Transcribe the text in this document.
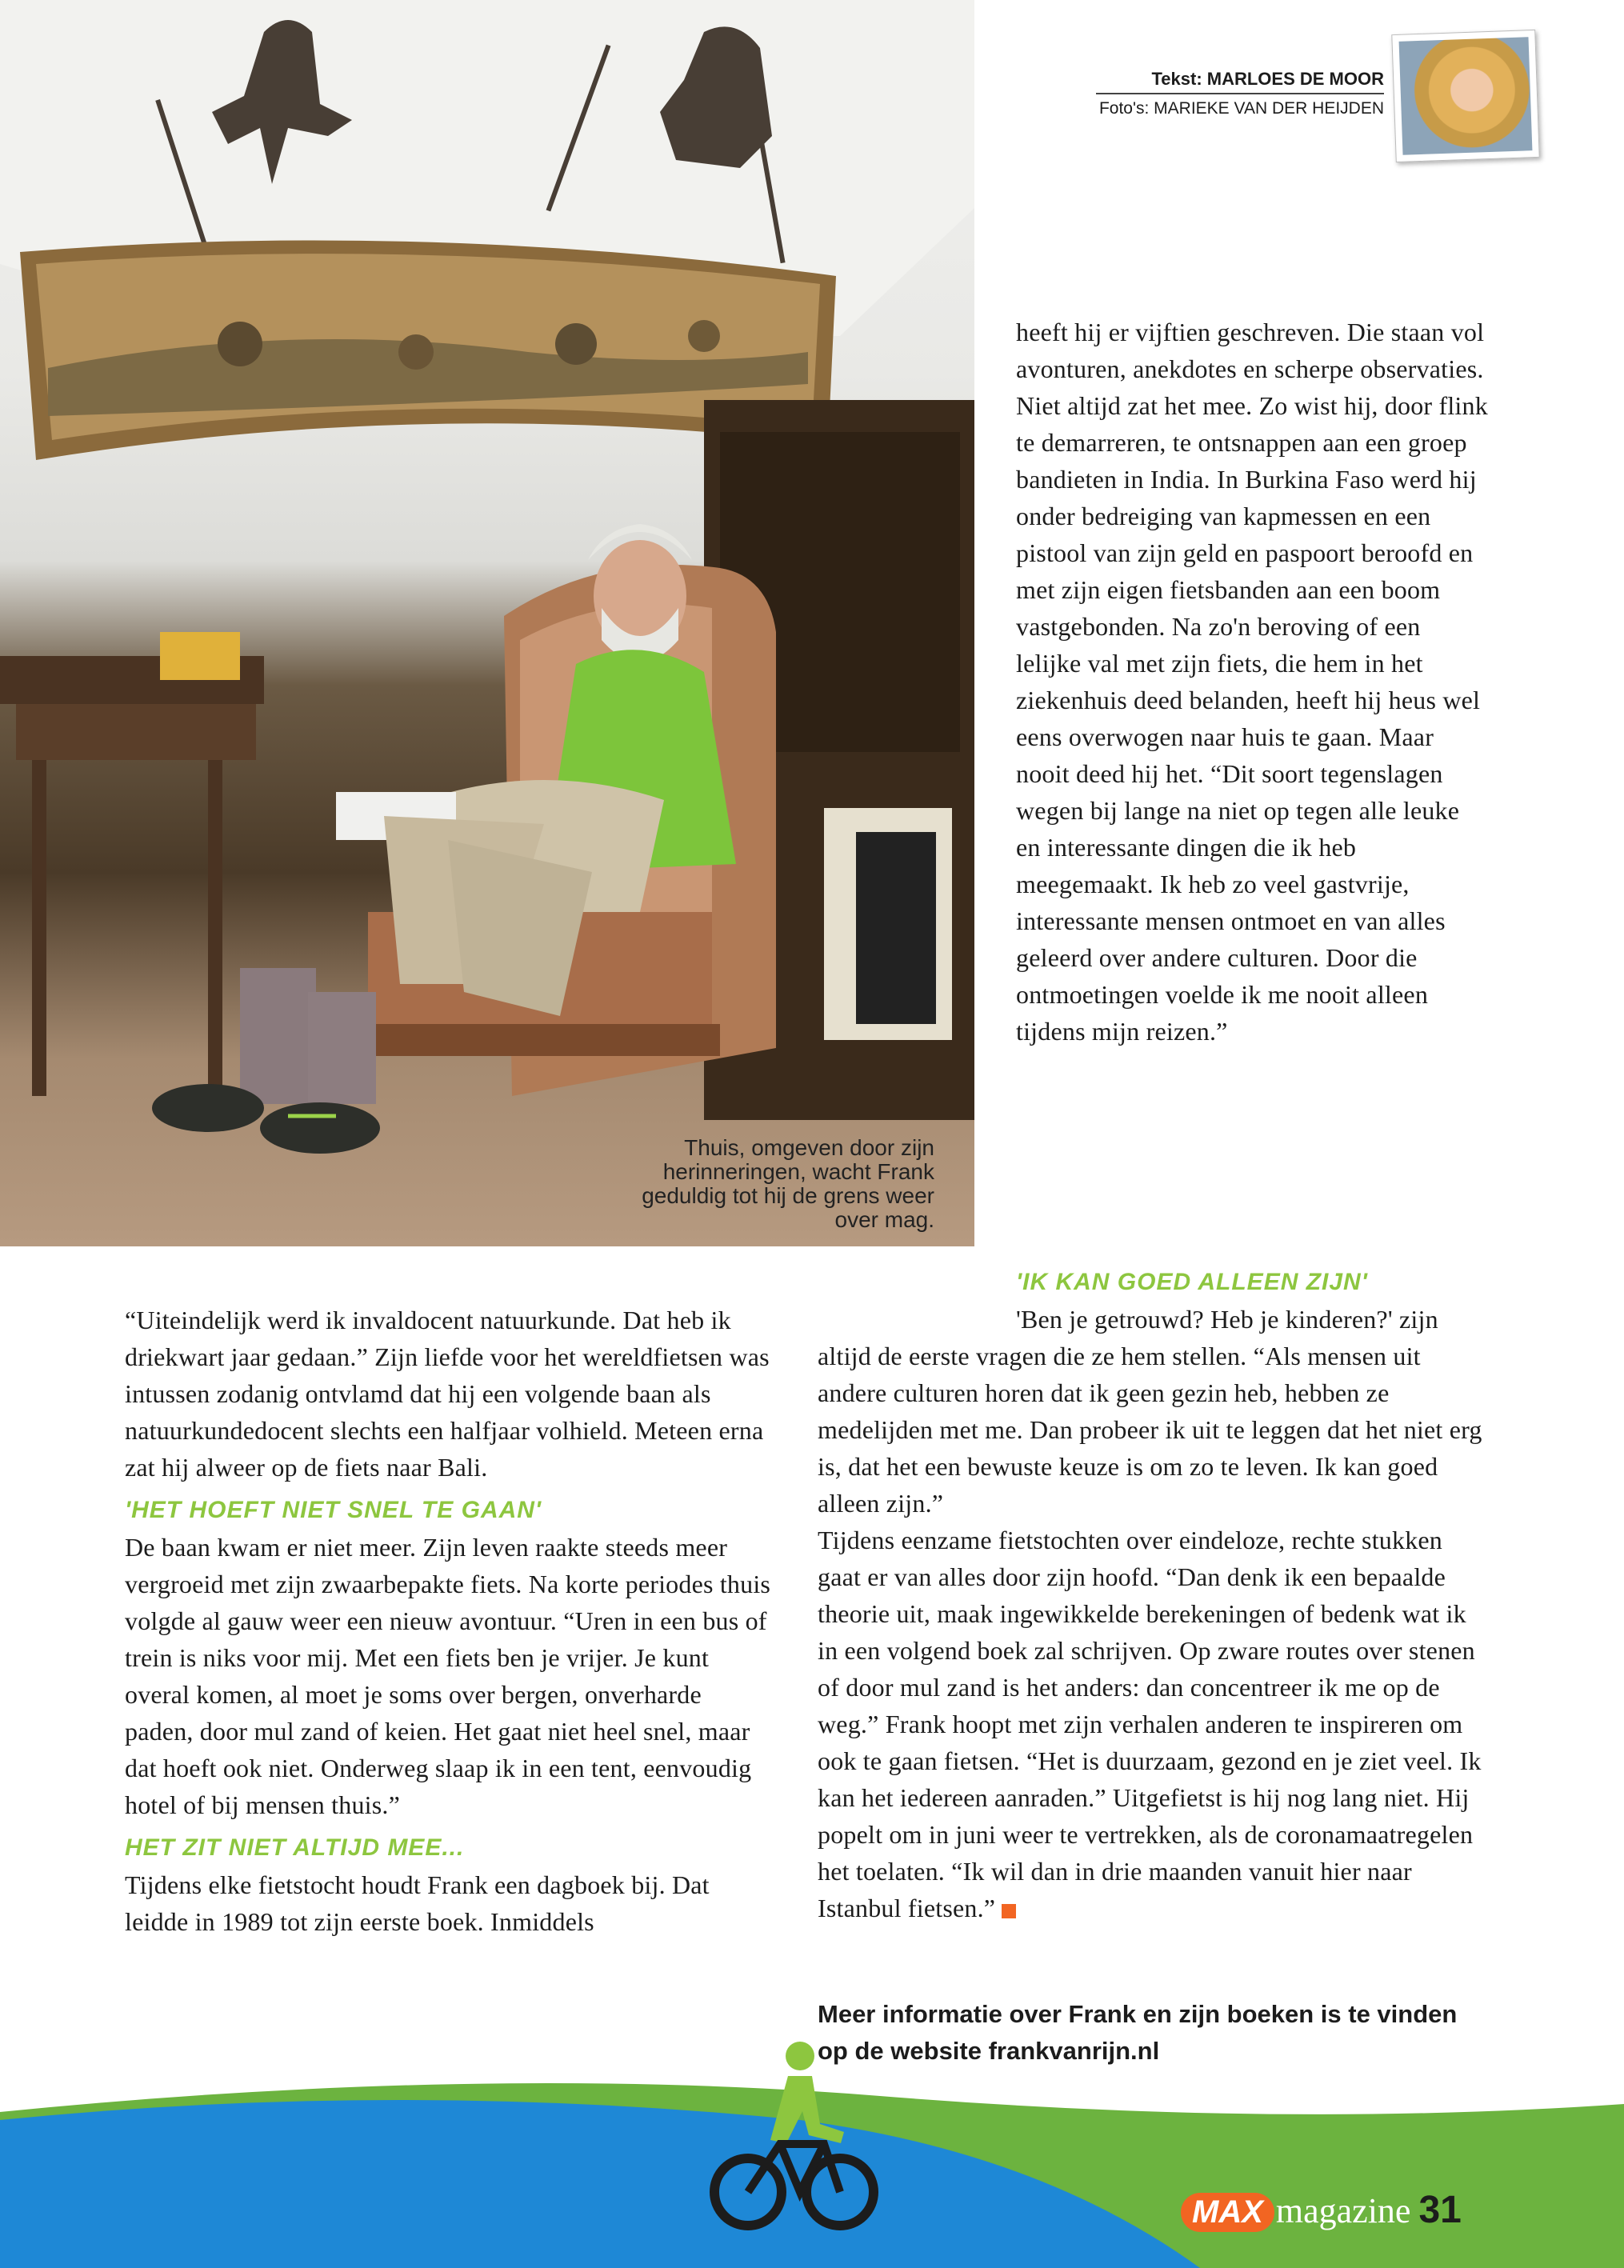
Thuis, omgeven door zijn herinneringen, wacht Frank geduldig tot hij de grens weer over mag.
Tekst: MARLOES DE MOOR
Foto's: MARIEKE VAN DER HEIJDEN

heeft hij er vijftien geschreven. Die staan vol avonturen, anekdotes en scherpe observaties. Niet altijd zat het mee. Zo wist hij, door flink te demarreren, te ontsnappen aan een groep bandieten in India. In Burkina Faso werd hij onder bedreiging van kapmessen en een pistool van zijn geld en paspoort beroofd en met zijn eigen fietsbanden aan een boom vastgebonden. Na zo'n beroving of een lelijke val met zijn fiets, die hem in het ziekenhuis deed belanden, heeft hij heus wel eens overwogen naar huis te gaan. Maar nooit deed hij het. “Dit soort tegenslagen wegen bij lange na niet op tegen alle leuke en interessante dingen die ik heb meegemaakt. Ik heb zo veel gastvrije, interessante mensen ontmoet en van alles geleerd over andere culturen. Door die ontmoetingen voelde ik me nooit alleen tijdens mijn reizen.”

'IK KAN GOED ALLEEN ZIJN'

'Ben je getrouwd? Heb je kinderen?' zijn altijd de eerste vragen die ze hem stellen. “Als mensen uit andere culturen horen dat ik geen gezin heb, hebben ze medelijden met me. Dan probeer ik uit te leggen dat het niet erg is, dat het een bewuste keuze is om zo te leven. Ik kan goed alleen zijn.”

Tijdens eenzame fietstochten over eindeloze, rechte stukken gaat er van alles door zijn hoofd. “Dan denk ik een bepaalde theorie uit, maak ingewikkelde berekeningen of bedenk wat ik in een volgend boek zal schrijven. Op zware routes over stenen of door mul zand is het anders: dan concentreer ik me op de weg.” Frank hoopt met zijn verhalen anderen te inspireren om ook te gaan fietsen. “Het is duurzaam, gezond en je ziet veel. Ik kan het iedereen aanraden.” Uitgefietst is hij nog lang niet. Hij popelt om in juni weer te vertrekken, als de coronamaatregelen het toelaten. “Ik wil dan in drie maanden vanuit hier naar Istanbul fietsen.”

Meer informatie over Frank en zijn boeken is te vinden op de website frankvanrijn.nl

“Uiteindelijk werd ik invaldocent natuurkunde. Dat heb ik driekwart jaar gedaan.” Zijn liefde voor het wereldfietsen was intussen zodanig ontvlamd dat hij een volgende baan als natuurkundedocent slechts een halfjaar volhield. Meteen erna zat hij alweer op de fiets naar Bali.

'HET HOEFT NIET SNEL TE GAAN'

De baan kwam er niet meer. Zijn leven raakte steeds meer vergroeid met zijn zwaarbepakte fiets. Na korte periodes thuis volgde al gauw weer een nieuw avontuur. “Uren in een bus of trein is niks voor mij. Met een fiets ben je vrijer. Je kunt overal komen, al moet je soms over bergen, onverharde paden, door mul zand of keien. Het gaat niet heel snel, maar dat hoeft ook niet. Onderweg slaap ik in een tent, eenvoudig hotel of bij mensen thuis.”

HET ZIT NIET ALTIJD MEE...

Tijdens elke fietstocht houdt Frank een dagboek bij. Dat leidde in 1989 tot zijn eerste boek. Inmiddels

MAX magazine 31
